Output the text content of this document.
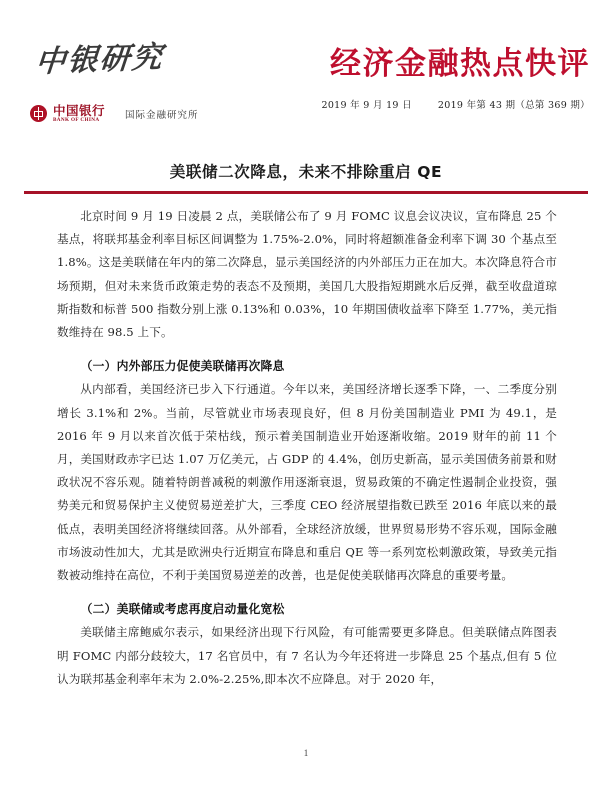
中银研究
中国银行
BANK OF CHINA	国际金融研究所
经济金融热点快评
2019 年 9 月 19 日	2019 年第 43 期（总第 369 期）
美联储二次降息，未来不排除重启 QE

北京时间 9 月 19 日凌晨 2 点，美联储公布了 9 月 FOMC 议息会议决议，宣布降息 25 个基点，将联邦基金利率目标区间调整为 1.75%-2.0%，同时将超额准备金利率下调 30 个基点至 1.8%。这是美联储在年内的第二次降息，显示美国经济的内外部压力正在加大。本次降息符合市场预期，但对未来货币政策走势的表态不及预期，美国几大股指短期跳水后反弹，截至收盘道琼斯指数和标普 500 指数分别上涨 0.13%和 0.03%，10 年期国债收益率下降至 1.77%，美元指数维持在 98.5 上下。

（一）内外部压力促使美联储再次降息

从内部看，美国经济已步入下行通道。今年以来，美国经济增长逐季下降，一、二季度分别增长 3.1%和 2%。当前，尽管就业市场表现良好，但 8 月份美国制造业 PMI 为 49.1，是 2016 年 9 月以来首次低于荣枯线，预示着美国制造业开始逐渐收缩。2019 财年的前 11 个月，美国财政赤字已达 1.07 万亿美元，占 GDP 的 4.4%，创历史新高，显示美国债务前景和财政状况不容乐观。随着特朗普减税的刺激作用逐渐衰退，贸易政策的不确定性遏制企业投资，强势美元和贸易保护主义使贸易逆差扩大，三季度 CEO 经济展望指数已跌至 2016 年底以来的最低点，表明美国经济将继续回落。从外部看，全球经济放缓，世界贸易形势不容乐观，国际金融市场波动性加大，尤其是欧洲央行近期宣布降息和重启 QE 等一系列宽松刺激政策，导致美元指数被动维持在高位，不利于美国贸易逆差的改善，也是促使美联储再次降息的重要考量。

（二）美联储或考虑再度启动量化宽松

美联储主席鲍威尔表示，如果经济出现下行风险，有可能需要更多降息。但美联储点阵图表明 FOMC 内部分歧较大，17 名官员中，有 7 名认为今年还将进一步降息 25 个基点,但有 5 位认为联邦基金利率年末为 2.0%-2.25%,即本次不应降息。对于 2020 年，

1
